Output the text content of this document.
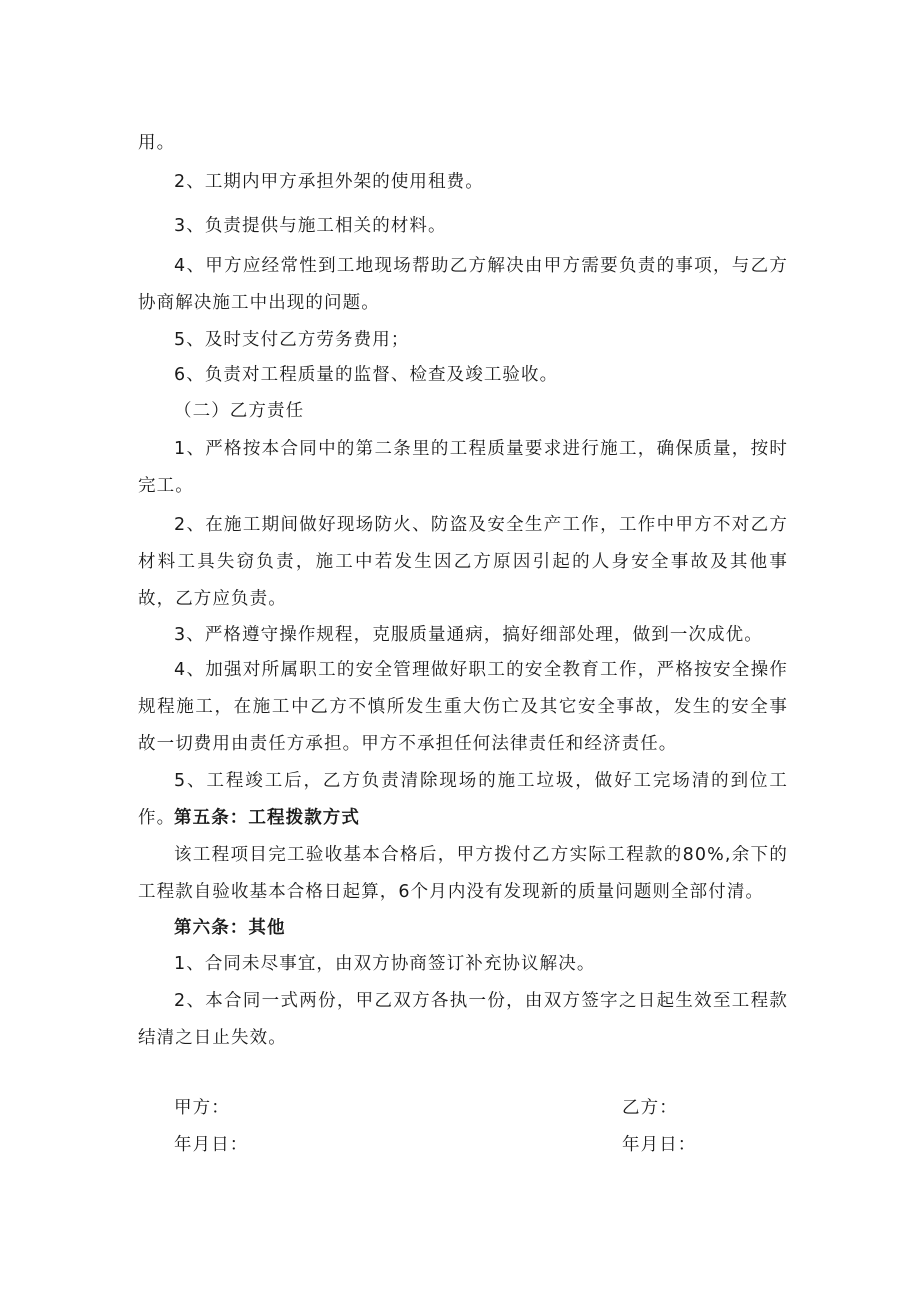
用。

2、工期内甲方承担外架的使用租费。

3、负责提供与施工相关的材料。

4、甲方应经常性到工地现场帮助乙方解决由甲方需要负责的事项，与乙方协商解决施工中出现的问题。

5、及时支付乙方劳务费用；

6、负责对工程质量的监督、检查及竣工验收。

（二）乙方责任

1、严格按本合同中的第二条里的工程质量要求进行施工，确保质量，按时完工。

2、在施工期间做好现场防火、防盗及安全生产工作，工作中甲方不对乙方材料工具失窃负责，施工中若发生因乙方原因引起的人身安全事故及其他事故，乙方应负责。

3、严格遵守操作规程，克服质量通病，搞好细部处理，做到一次成优。

4、加强对所属职工的安全管理做好职工的安全教育工作，严格按安全操作规程施工，在施工中乙方不慎所发生重大伤亡及其它安全事故，发生的安全事故一切费用由责任方承担。甲方不承担任何法律责任和经济责任。

5、工程竣工后，乙方负责清除现场的施工垃圾，做好工完场清的到位工作。

第五条：工程拨款方式

该工程项目完工验收基本合格后，甲方拨付乙方实际工程款的80%,余下的工程款自验收基本合格日起算，6个月内没有发现新的质量问题则全部付清。

第六条：其他

1、合同未尽事宜，由双方协商签订补充协议解决。

2、本合同一式两份，甲乙双方各执一份，由双方签字之日起生效至工程款结清之日止失效。

甲方：	乙方：

年月日：	年月日：
